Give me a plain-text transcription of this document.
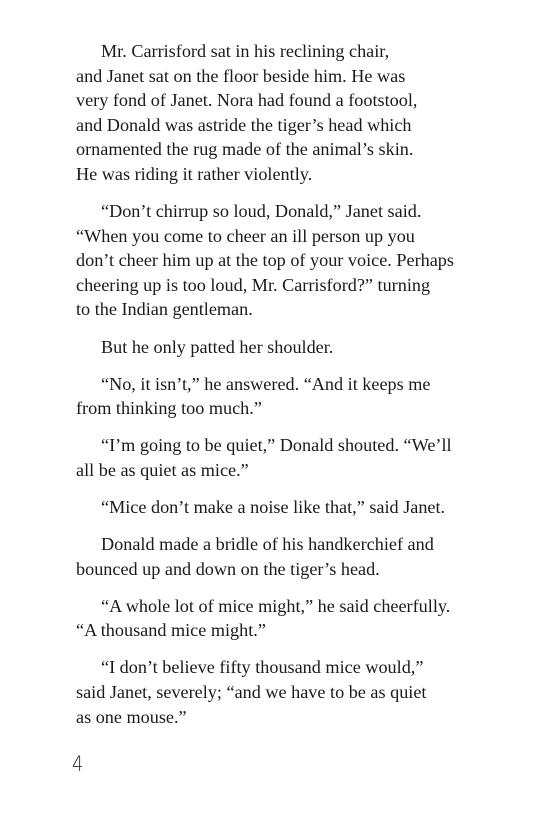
Mr. Carrisford sat in his reclining chair,
and Janet sat on the floor beside him. He was
very fond of Janet. Nora had found a footstool,
and Donald was astride the tiger’s head which
ornamented the rug made of the animal’s skin.
He was riding it rather violently.

“Don’t chirrup so loud, Donald,” Janet said.
“When you come to cheer an ill person up you
don’t cheer him up at the top of your voice. Perhaps
cheering up is too loud, Mr. Carrisford?” turning
to the Indian gentleman.

But he only patted her shoulder.

“No, it isn’t,” he answered. “And it keeps me
from thinking too much.”

“I’m going to be quiet,” Donald shouted. “We’ll
all be as quiet as mice.”

“Mice don’t make a noise like that,” said Janet.

Donald made a bridle of his handkerchief and
bounced up and down on the tiger’s head.

“A whole lot of mice might,” he said cheerfully.
“A thousand mice might.”

“I don’t believe fifty thousand mice would,”
said Janet, severely; “and we have to be as quiet
as one mouse.”

4
